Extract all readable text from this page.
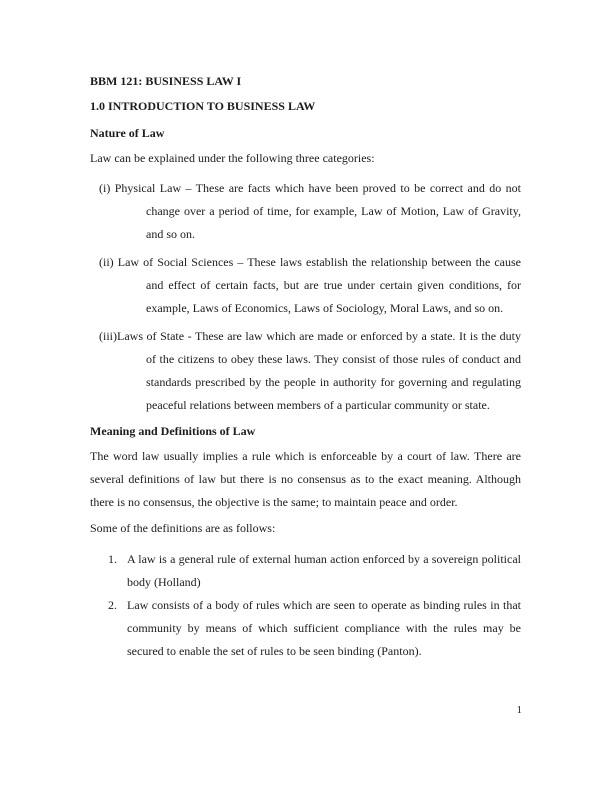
BBM 121: BUSINESS LAW I
1.0 INTRODUCTION TO BUSINESS LAW
Nature of Law
Law can be explained under the following three categories:
(i) Physical Law – These are facts which have been proved to be correct and do not change over a period of time, for example, Law of Motion, Law of Gravity, and so on.
(ii) Law of Social Sciences – These laws establish the relationship between the cause and effect of certain facts, but are true under certain given conditions, for example, Laws of Economics, Laws of Sociology, Moral Laws, and so on.
(iii)Laws of State - These are law which are made or enforced by a state. It is the duty of the citizens to obey these laws. They consist of those rules of conduct and standards prescribed by the people in authority for governing and regulating peaceful relations between members of a particular community or state.
Meaning and Definitions of Law
The word law usually implies a rule which is enforceable by a court of law. There are several definitions of law but there is no consensus as to the exact meaning. Although there is no consensus, the objective is the same; to maintain peace and order.
Some of the definitions are as follows:
1. A law is a general rule of external human action enforced by a sovereign political body (Holland)
2. Law consists of a body of rules which are seen to operate as binding rules in that community by means of which sufficient compliance with the rules may be secured to enable the set of rules to be seen binding (Panton).
1
